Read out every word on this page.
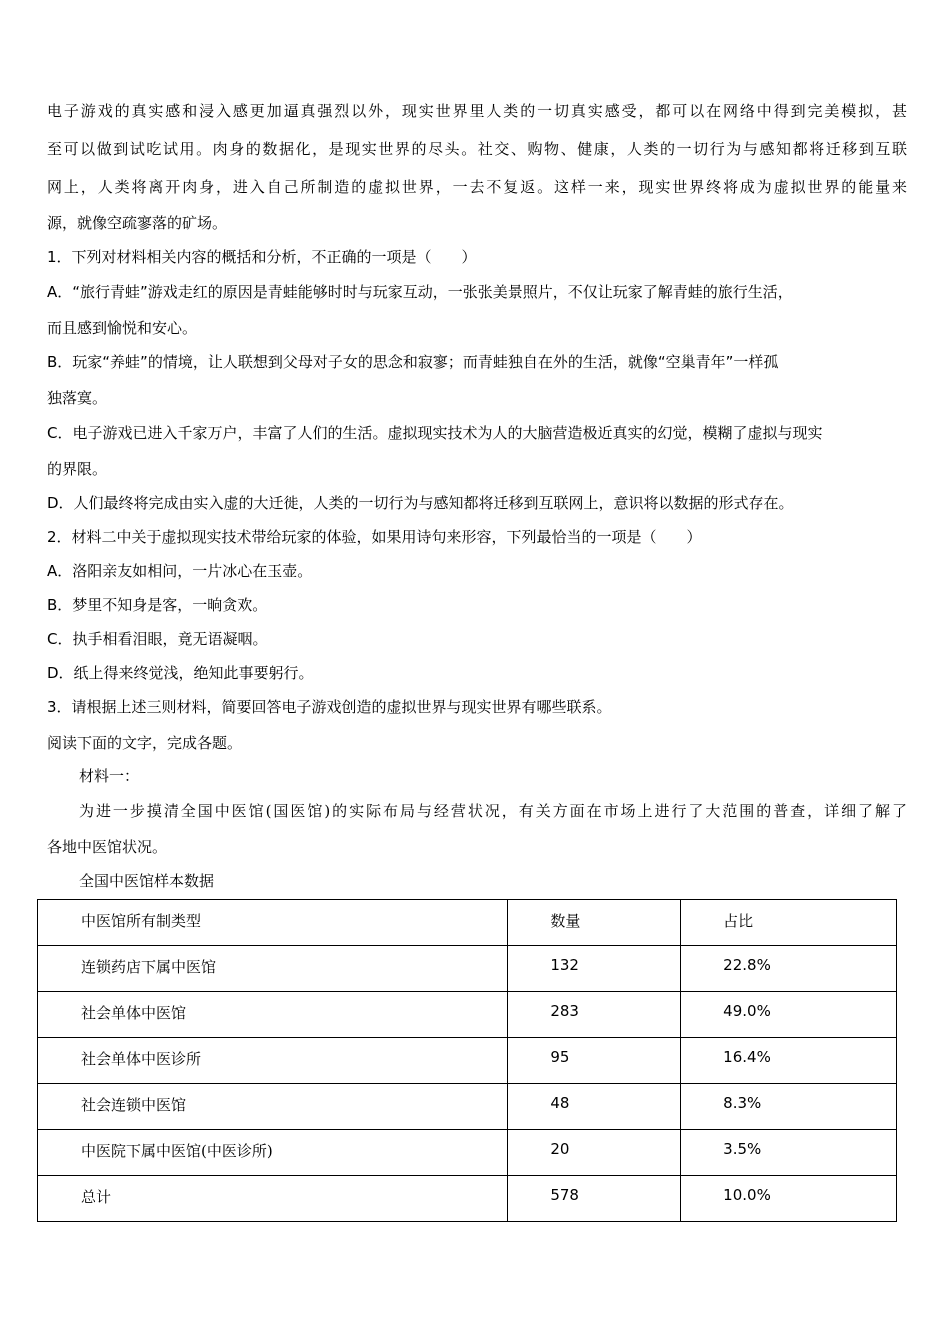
电子游戏的真实感和浸入感更加逼真强烈以外，现实世界里人类的一切真实感受，都可以在网络中得到完美模拟，甚
至可以做到试吃试用。肉身的数据化，是现实世界的尽头。社交、购物、健康，人类的一切行为与感知都将迁移到互联
网上，人类将离开肉身，进入自己所制造的虚拟世界，一去不复返。这样一来，现实世界终将成为虚拟世界的能量来
源，就像空疏寥落的矿场。
1．下列对材料相关内容的概括和分析，不正确的一项是（　　）
A．“旅行青蛙”游戏走红的原因是青蛙能够时时与玩家互动，一张张美景照片，不仅让玩家了解青蛙的旅行生活，
而且感到愉悦和安心。
B．玩家“养蛙”的情境，让人联想到父母对子女的思念和寂寥；而青蛙独自在外的生活，就像“空巢青年”一样孤
独落寞。
C．电子游戏已进入千家万户，丰富了人们的生活。虚拟现实技术为人的大脑营造极近真实的幻觉，模糊了虚拟与现实
的界限。
D．人们最终将完成由实入虚的大迁徙，人类的一切行为与感知都将迁移到互联网上，意识将以数据的形式存在。
2．材料二中关于虚拟现实技术带给玩家的体验，如果用诗句来形容，下列最恰当的一项是（　　）
A．洛阳亲友如相问，一片冰心在玉壶。
B．梦里不知身是客，一晌贪欢。
C．执手相看泪眼，竟无语凝咽。
D．纸上得来终觉浅，绝知此事要躬行。
3．请根据上述三则材料，简要回答电子游戏创造的虚拟世界与现实世界有哪些联系。
阅读下面的文字，完成各题。
材料一：
为进一步摸清全国中医馆(国医馆)的实际布局与经营状况，有关方面在市场上进行了大范围的普查，详细了解了
各地中医馆状况。
全国中医馆样本数据
中医馆所有制类型	数量	占比
连锁药店下属中医馆	132	22.8%
社会单体中医馆	283	49.0%
社会单体中医诊所	95	16.4%
社会连锁中医馆	48	8.3%
中医院下属中医馆(中医诊所)	20	3.5%
总计	578	10.0%
